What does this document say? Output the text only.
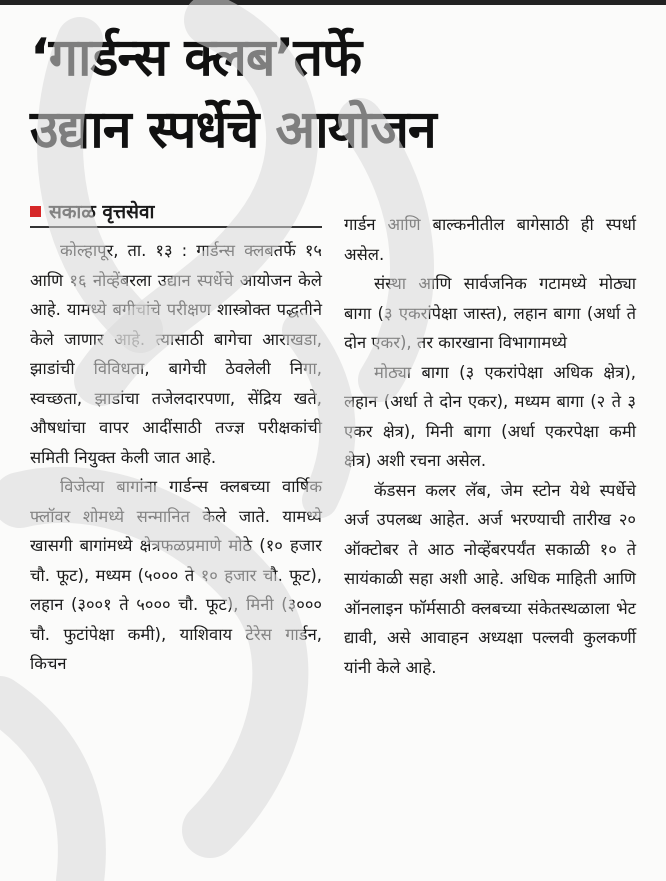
‘गार्डन्स क्लब’तर्फे
उद्यान स्पर्धेचे आयोजन
सकाळ वृत्तसेवा

कोल्हापूर, ता. १३ : गार्डन्स क्लबतर्फे १५ आणि १६ नोव्हेंबरला उद्यान स्पर्धेचे आयोजन केले आहे. यामध्ये बगीचांचे परीक्षण शास्त्रोक्त पद्धतीने केले जाणार आहे. त्यासाठी बागेचा आराखडा, झाडांची विविधता, बागेची ठेवलेली निगा, स्वच्छता, झाडांचा तजेलदारपणा, सेंद्रिय खते, औषधांचा वापर आदींसाठी तज्ज्ञ परीक्षकांची समिती नियुक्त केली जात आहे.

विजेत्या बागांना गार्डन्स क्लबच्या वार्षिक फ्लॉवर शोमध्ये सन्मानित केले जाते. यामध्ये खासगी बागांमध्ये क्षेत्रफळप्रमाणे मोठे (१० हजार चौ. फूट), मध्यम (५००० ते १० हजार चौ. फूट), लहान (३००१ ते ५००० चौ. फूट), मिनी (३००० चौ. फुटांपेक्षा कमी), याशिवाय टेरेस गार्डन, किचन

गार्डन आणि बाल्कनीतील बागेसाठी ही स्पर्धा असेल.

संस्था आणि सार्वजनिक गटामध्ये मोठ्या बागा (३ एकरांपेक्षा जास्त), लहान बागा (अर्धा ते दोन एकर), तर कारखाना विभागामध्ये

मोठ्या बागा (३ एकरांपेक्षा अधिक क्षेत्र), लहान (अर्धा ते दोन एकर), मध्यम बागा (२ ते ३ एकर क्षेत्र), मिनी बागा (अर्धा एकरपेक्षा कमी क्षेत्र) अशी रचना असेल.

कॅडसन कलर लॅब, जेम स्टोन येथे स्पर्धेचे अर्ज उपलब्ध आहेत. अर्ज भरण्याची तारीख २० ऑक्टोबर ते आठ नोव्हेंबरपर्यंत सकाळी १० ते सायंकाळी सहा अशी आहे. अधिक माहिती आणि ऑनलाइन फॉर्मसाठी क्लबच्या संकेतस्थळाला भेट द्यावी, असे आवाहन अध्यक्षा पल्लवी कुलकर्णी यांनी केले आहे.
